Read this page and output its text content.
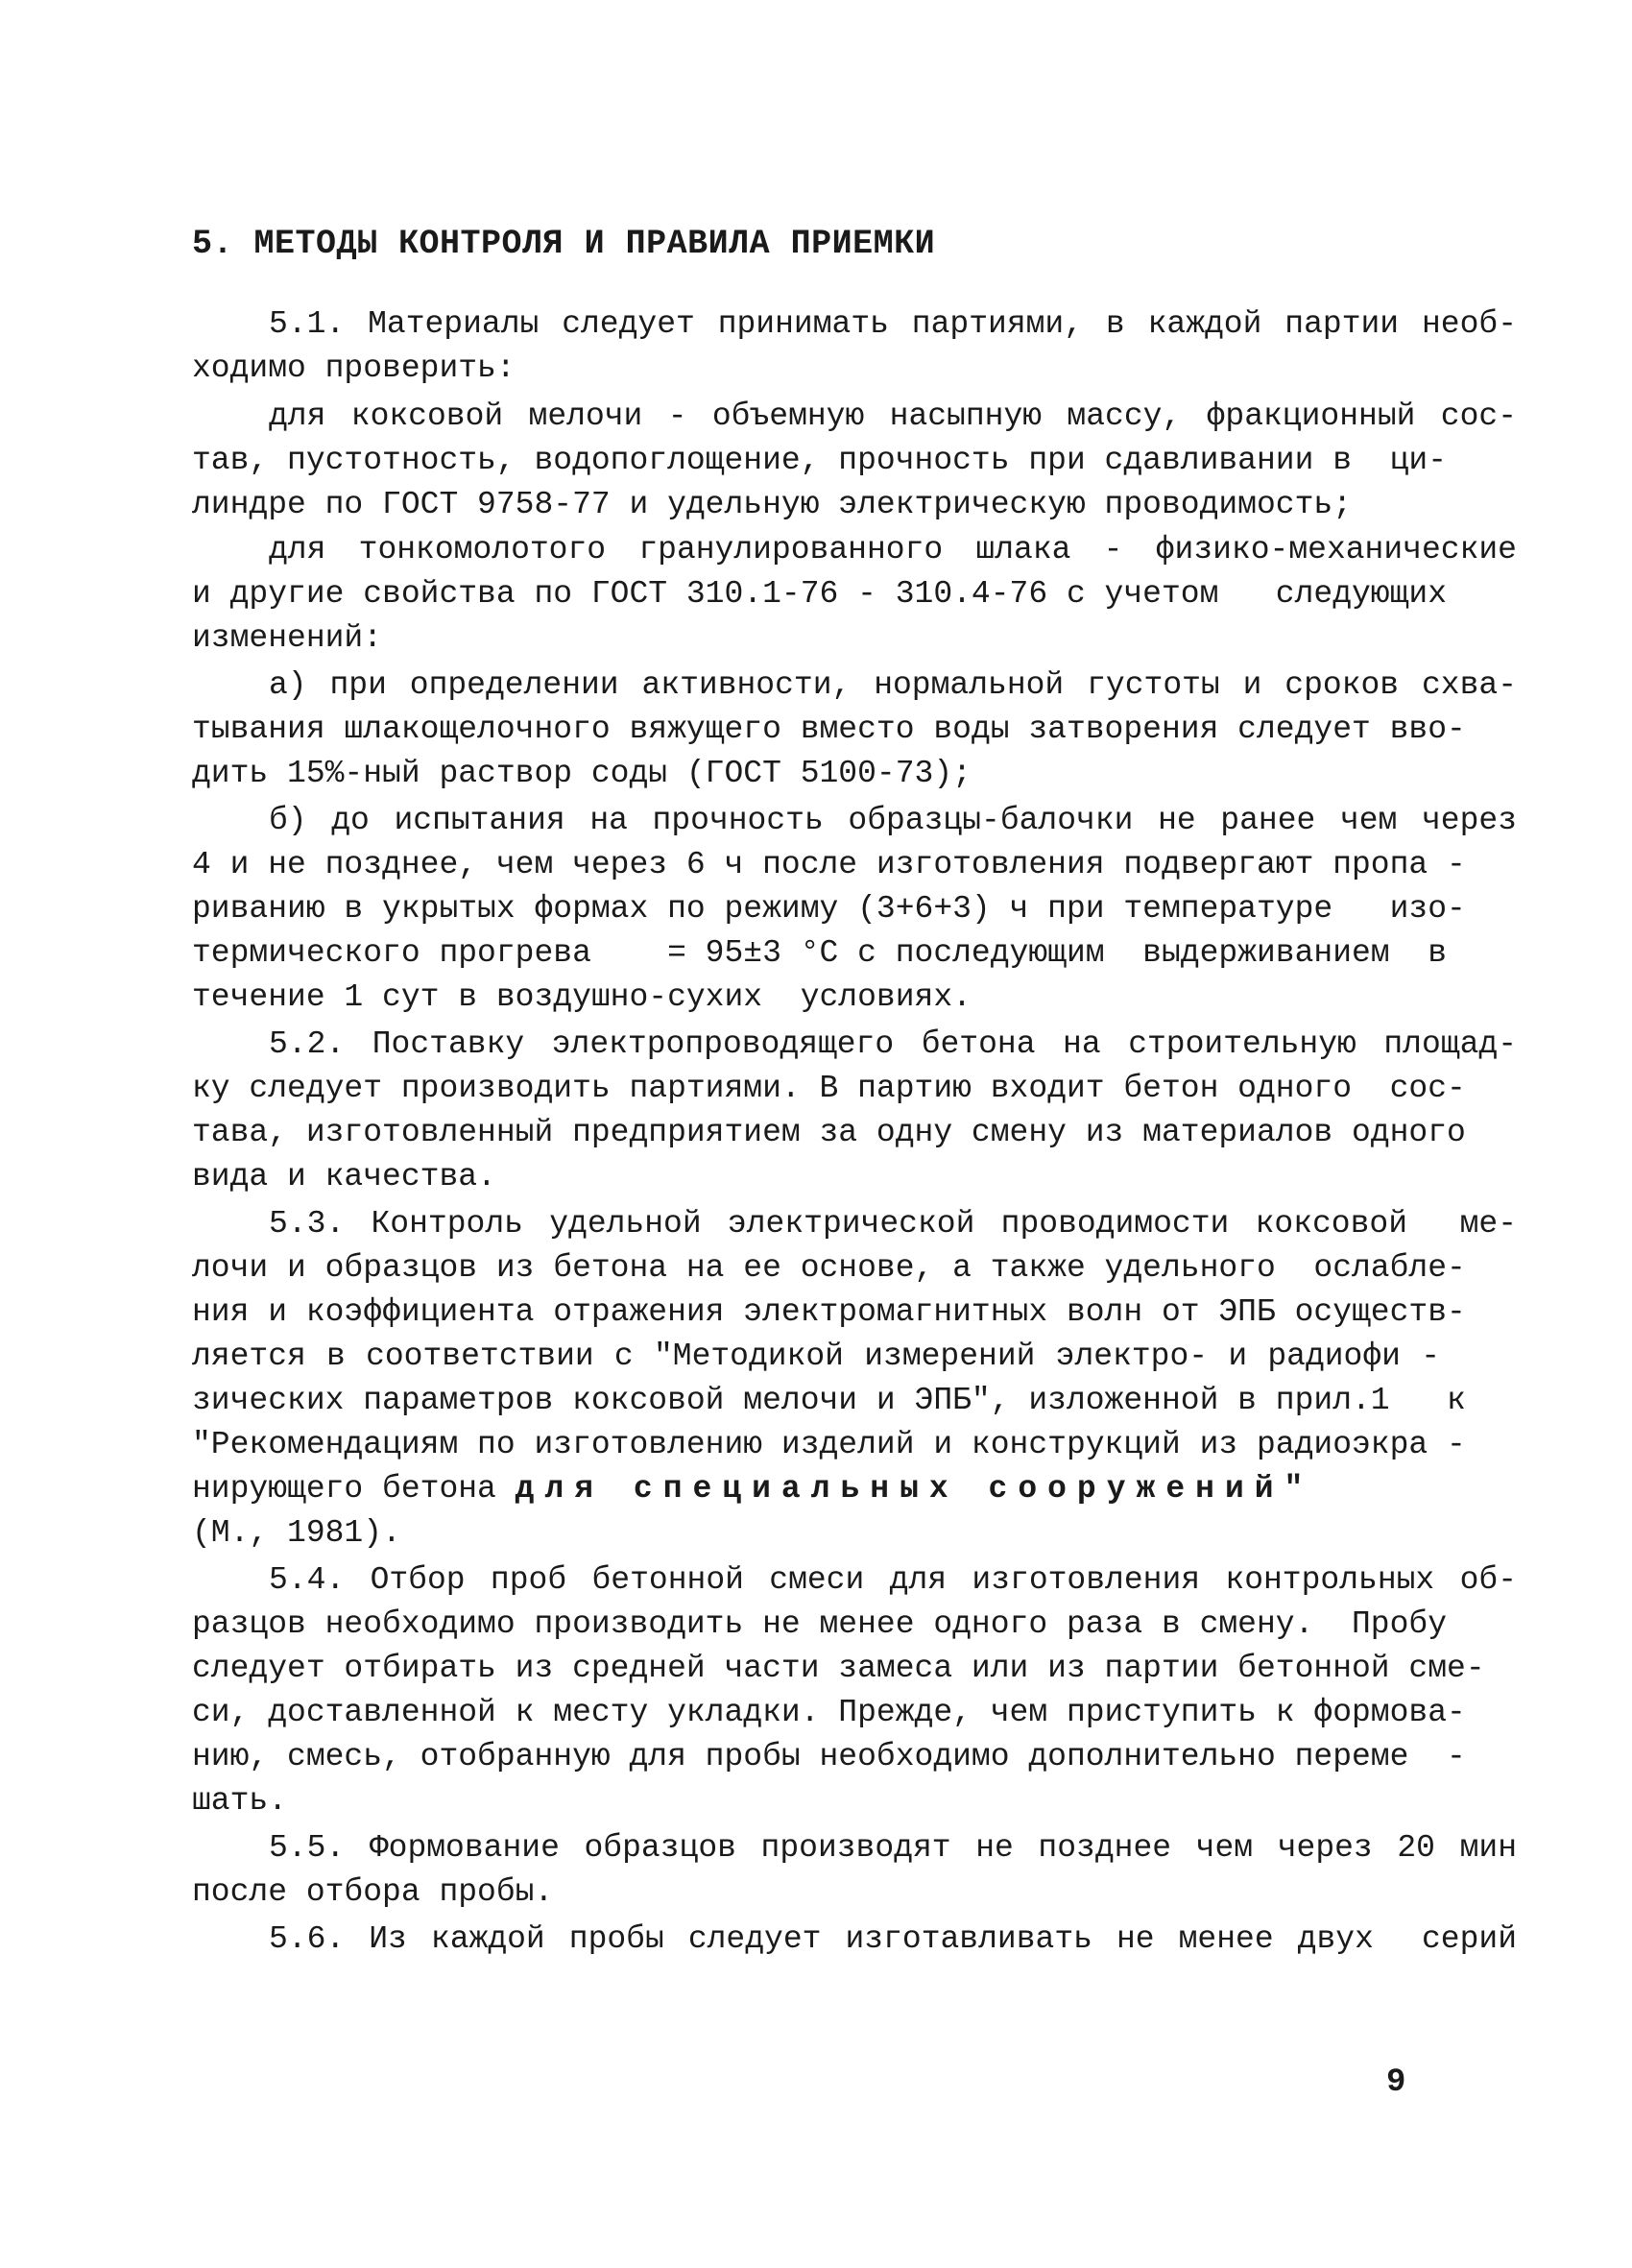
5. МЕТОДЫ КОНТРОЛЯ И ПРАВИЛА ПРИЕМКИ
5.1. Материалы следует принимать партиями, в каждой партии необ-
ходимо проверить:
для коксовой мелочи - объемную насыпную массу, фракционный сос-
тав, пустотность, водопоглощение, прочность при сдавливании в  ци-
линдре по ГОСТ 9758-77 и удельную электрическую проводимость;
для тонкомолотого гранулированного шлака - физико-механические
и другие свойства по ГОСТ 310.1-76 - 310.4-76 с учетом   следующих
изменений:
а) при определении активности, нормальной густоты и сроков схва-
тывания шлакощелочного вяжущего вместо воды затворения следует вво-
дить 15%-ный раствор соды (ГОСТ 5100-73);
б) до испытания на прочность образцы-балочки не ранее чем через
4 и не позднее, чем через 6 ч после изготовления подвергают пропа -
риванию в укрытых формах по режиму (3+6+3) ч при температуре   изо-
термического прогрева    = 95±3 °С с последующим  выдерживанием  в
течение 1 сут в воздушно-сухих  условиях.
5.2. Поставку электропроводящего бетона на строительную площад-
ку следует производить партиями. В партию входит бетон одного  сос-
тава, изготовленный предприятием за одну смену из материалов одного
вида и качества.
5.3. Контроль удельной электрической проводимости коксовой  ме-
лочи и образцов из бетона на ее основе, а также удельного  ослабле-
ния и коэффициента отражения электромагнитных волн от ЭПБ осуществ-
ляется в соответствии с "Методикой измерений электро- и радиофи -
зических параметров коксовой мелочи и ЭПБ", изложенной в прил.1   к
"Рекомендациям по изготовлению изделий и конструкций из радиоэкра -
нирующего бетона для специальных сооружений"
(М., 1981).
5.4. Отбор проб бетонной смеси для изготовления контрольных об-
разцов необходимо производить не менее одного раза в смену.  Пробу
следует отбирать из средней части замеса или из партии бетонной сме-
си, доставленной к месту укладки. Прежде, чем приступить к формова-
нию, смесь, отобранную для пробы необходимо дополнительно переме  -
шать.
5.5. Формование образцов производят не позднее чем через 20 мин
после отбора пробы.
5.6. Из каждой пробы следует изготавливать не менее двух  серий
9
